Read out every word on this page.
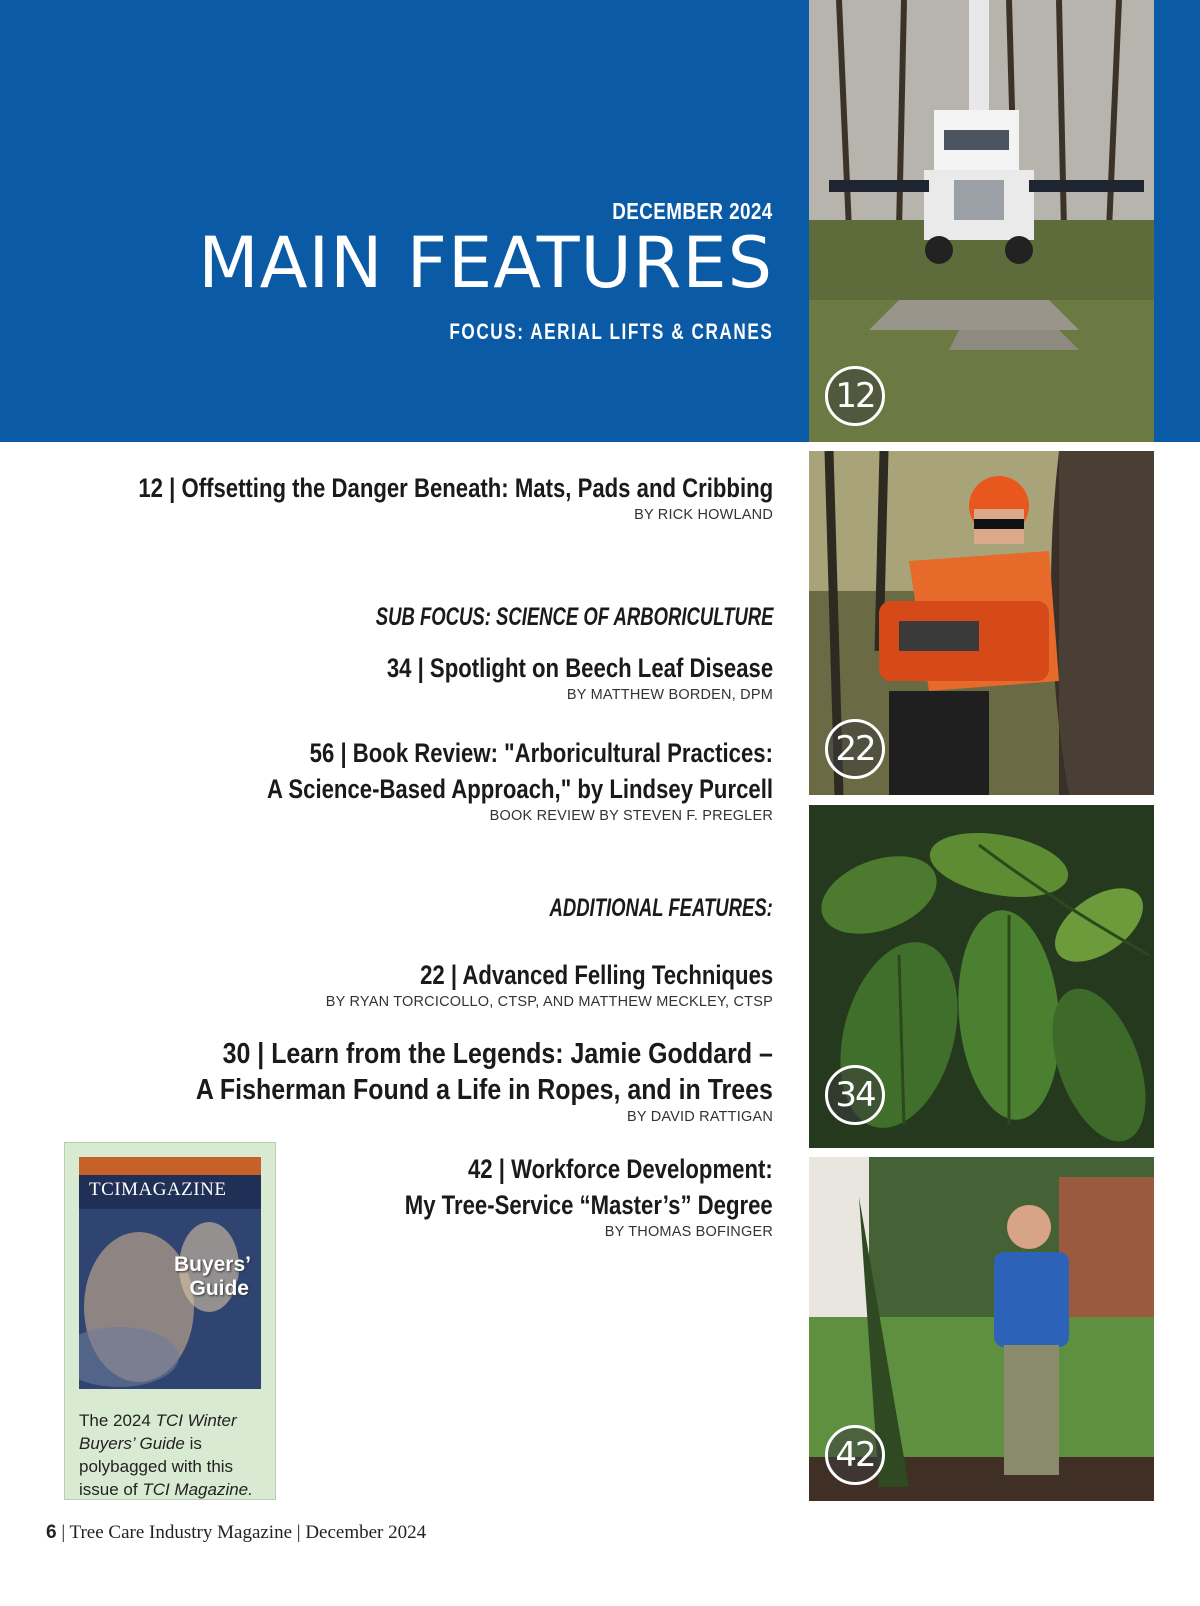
DECEMBER 2024
MAIN FEATURES
FOCUS: AERIAL LIFTS & CRANES
12
22
34
42
12 | Offsetting the Danger Beneath: Mats, Pads and Cribbing
BY RICK HOWLAND
SUB FOCUS: SCIENCE OF ARBORICULTURE
34 | Spotlight on Beech Leaf Disease
BY MATTHEW BORDEN, DPM
56 | Book Review: "Arboricultural Practices:
A Science-Based Approach," by Lindsey Purcell
BOOK REVIEW BY STEVEN F. PREGLER
ADDITIONAL FEATURES:
22 | Advanced Felling Techniques
BY RYAN TORCICOLLO, CTSP, AND MATTHEW MECKLEY, CTSP
30 | Learn from the Legends: Jamie Goddard –
A Fisherman Found a Life in Ropes, and in Trees
BY DAVID RATTIGAN
42 | Workforce Development:
My Tree-Service “Master’s” Degree
BY THOMAS BOFINGER
TCIMAGAZINE
Buyers’
Guide
The 2024 TCI Winter Buyers’ Guide is polybagged with this issue of TCI Magazine.
6 | Tree Care Industry Magazine | December 2024
